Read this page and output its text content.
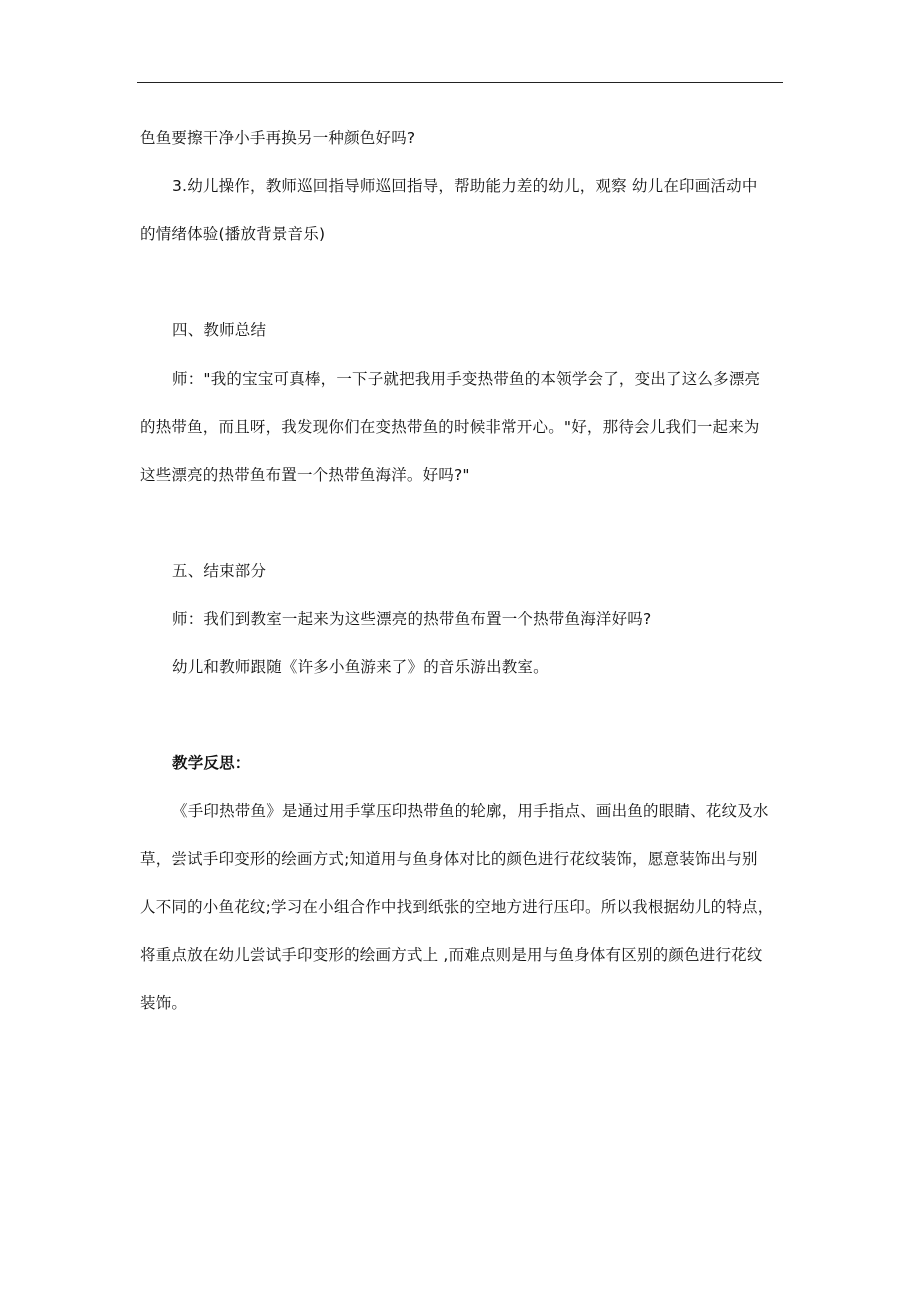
色鱼要擦干净小手再换另一种颜色好吗?
3.幼儿操作，教师巡回指导师巡回指导，帮助能力差的幼儿，观察 幼儿在印画活动中
的情绪体验(播放背景音乐)
四、教师总结
师："我的宝宝可真棒，一下子就把我用手变热带鱼的本领学会了，变出了这么多漂亮
的热带鱼，而且呀，我发现你们在变热带鱼的时候非常开心。"好，那待会儿我们一起来为
这些漂亮的热带鱼布置一个热带鱼海洋。好吗?"
五、结束部分
师：我们到教室一起来为这些漂亮的热带鱼布置一个热带鱼海洋好吗?
幼儿和教师跟随《许多小鱼游来了》的音乐游出教室。
教学反思：
《手印热带鱼》是通过用手掌压印热带鱼的轮廓，用手指点、画出鱼的眼睛、花纹及水
草，尝试手印变形的绘画方式;知道用与鱼身体对比的颜色进行花纹装饰，愿意装饰出与别
人不同的小鱼花纹;学习在小组合作中找到纸张的空地方进行压印。所以我根据幼儿的特点，
将重点放在幼儿尝试手印变形的绘画方式上 ,而难点则是用与鱼身体有区别的颜色进行花纹
装饰。
